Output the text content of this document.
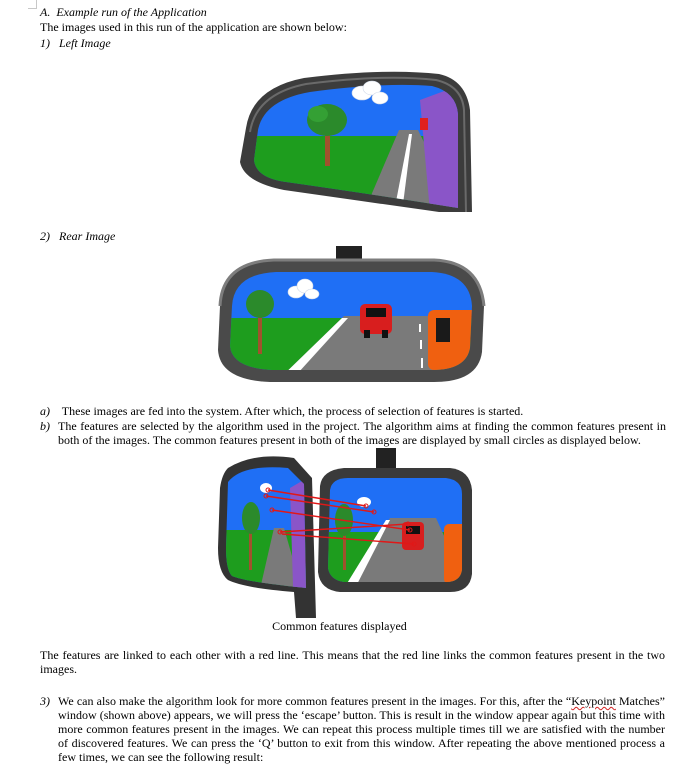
A.  Example run of the Application
The images used in this run of the application are shown below:
1) Left Image
2) Rear Image
a) These images are fed into the system. After which, the process of selection of features is started.
b) The features are selected by the algorithm used in the project. The algorithm aims at finding the common features present in both of the images. The common features present in both of the images are displayed by small circles as displayed below.
Common features displayed
The features are linked to each other with a red line. This means that the red line links the common features present in the two images.
3) We can also make the algorithm look for more common features present in the images. For this, after the “Keypoint Matches” window (shown above) appears, we will press the ‘escape’ button. This is result in the window appear again but this time with more common features present in the images. We can repeat this process multiple times till we are satisfied with the number of discovered features. We can press the ‘Q’ button to exit from this window. After repeating the above mentioned process a few times, we can see the following result:
